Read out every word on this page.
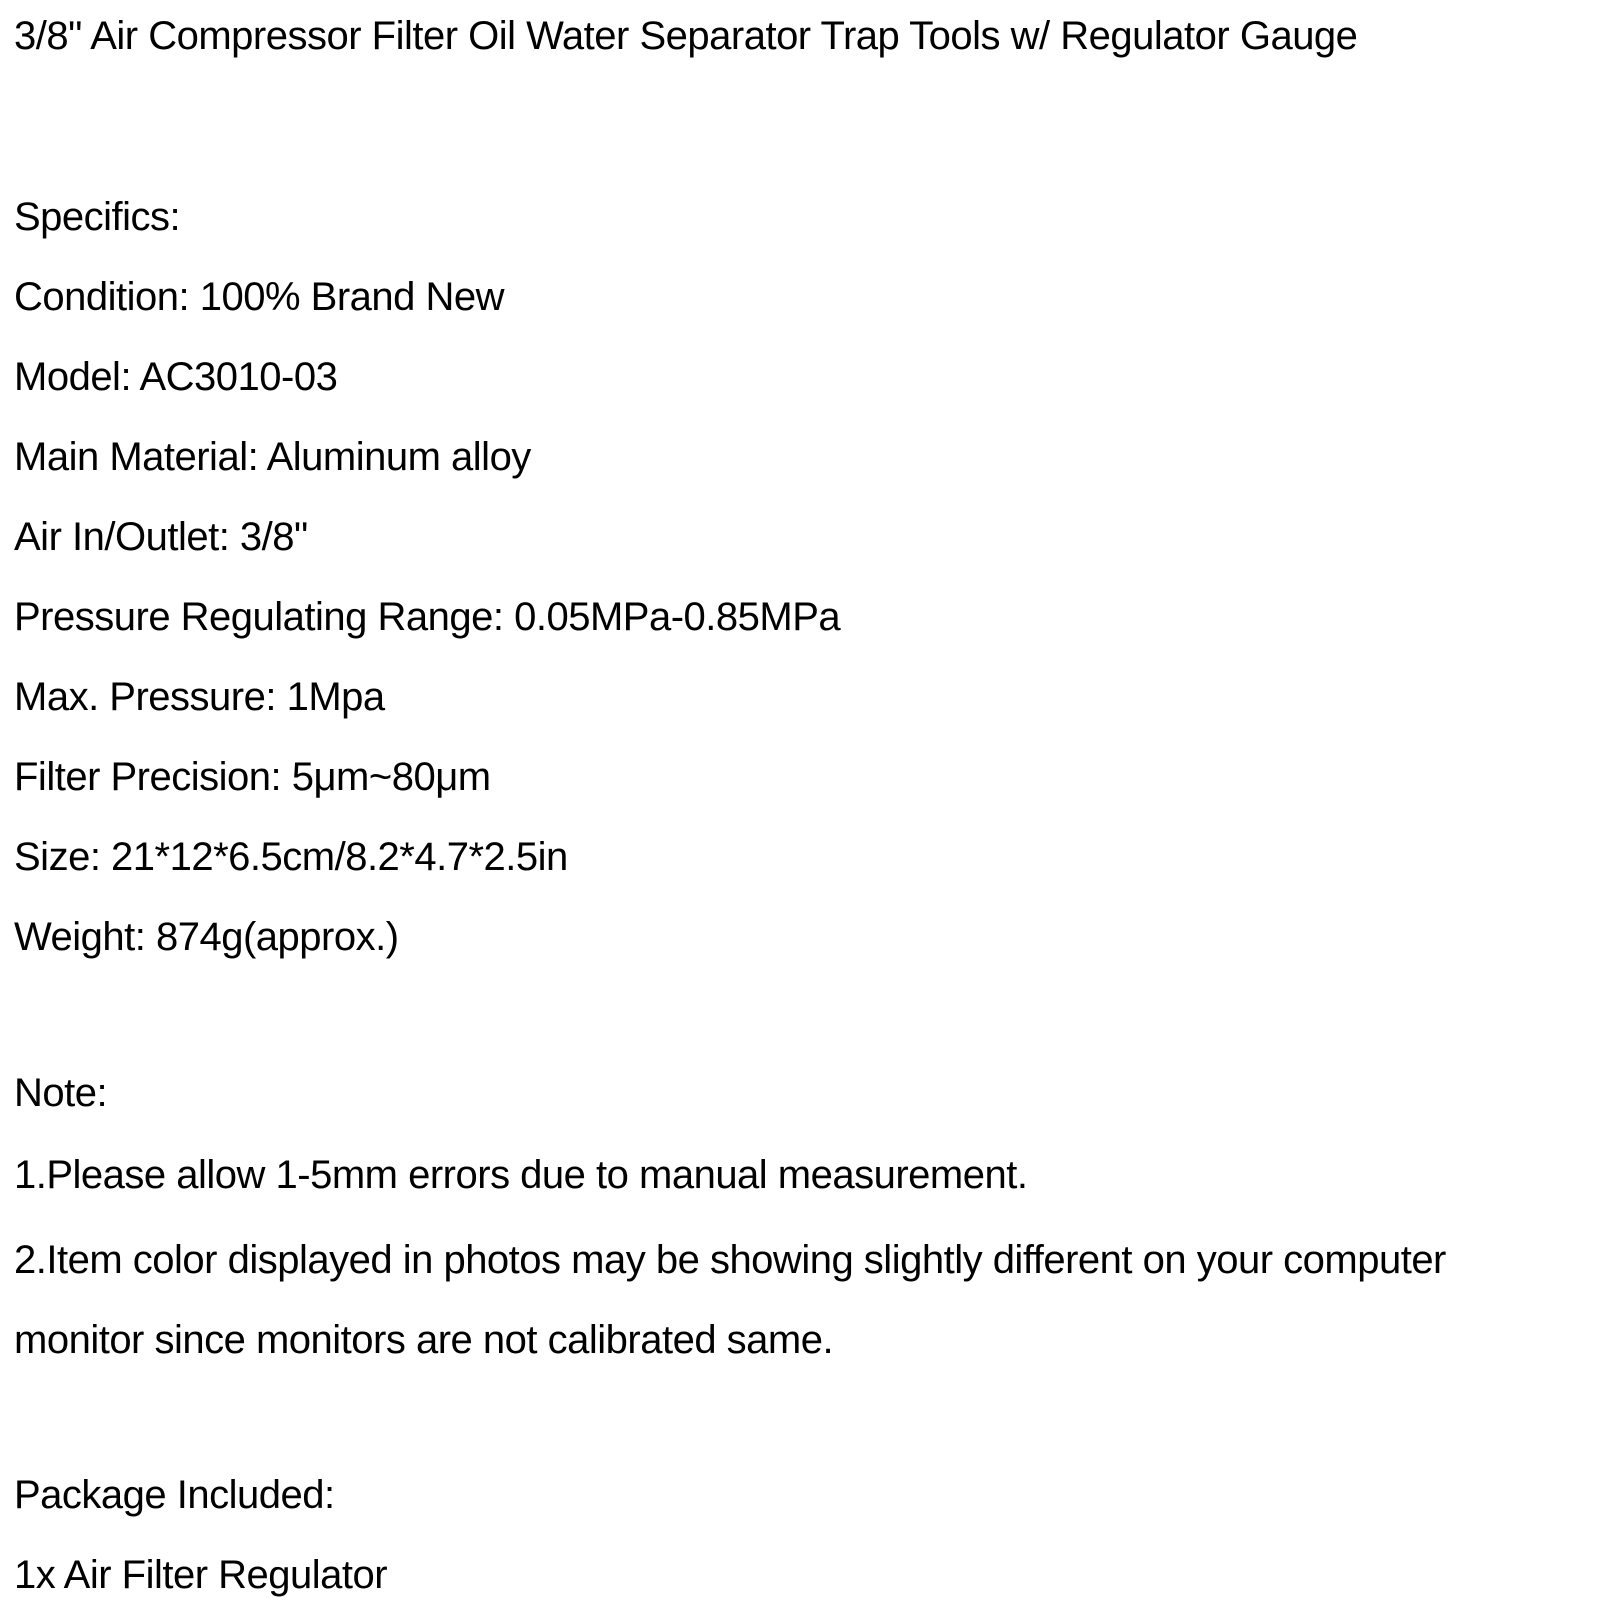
3/8" Air Compressor Filter Oil Water Separator Trap Tools w/ Regulator Gauge

Specifics:

Condition: 100% Brand New

Model: AC3010-03

Main Material: Aluminum alloy

Air In/Outlet: 3/8"

Pressure Regulating Range: 0.05MPa-0.85MPa

Max. Pressure: 1Mpa

Filter Precision: 5μm~80μm

Size: 21*12*6.5cm/8.2*4.7*2.5in

Weight: 874g(approx.)

Note:

1.Please allow 1-5mm errors due to manual measurement.

2.Item color displayed in photos may be showing slightly different on your computer

monitor since monitors are not calibrated same.

Package Included:

1x Air Filter Regulator
